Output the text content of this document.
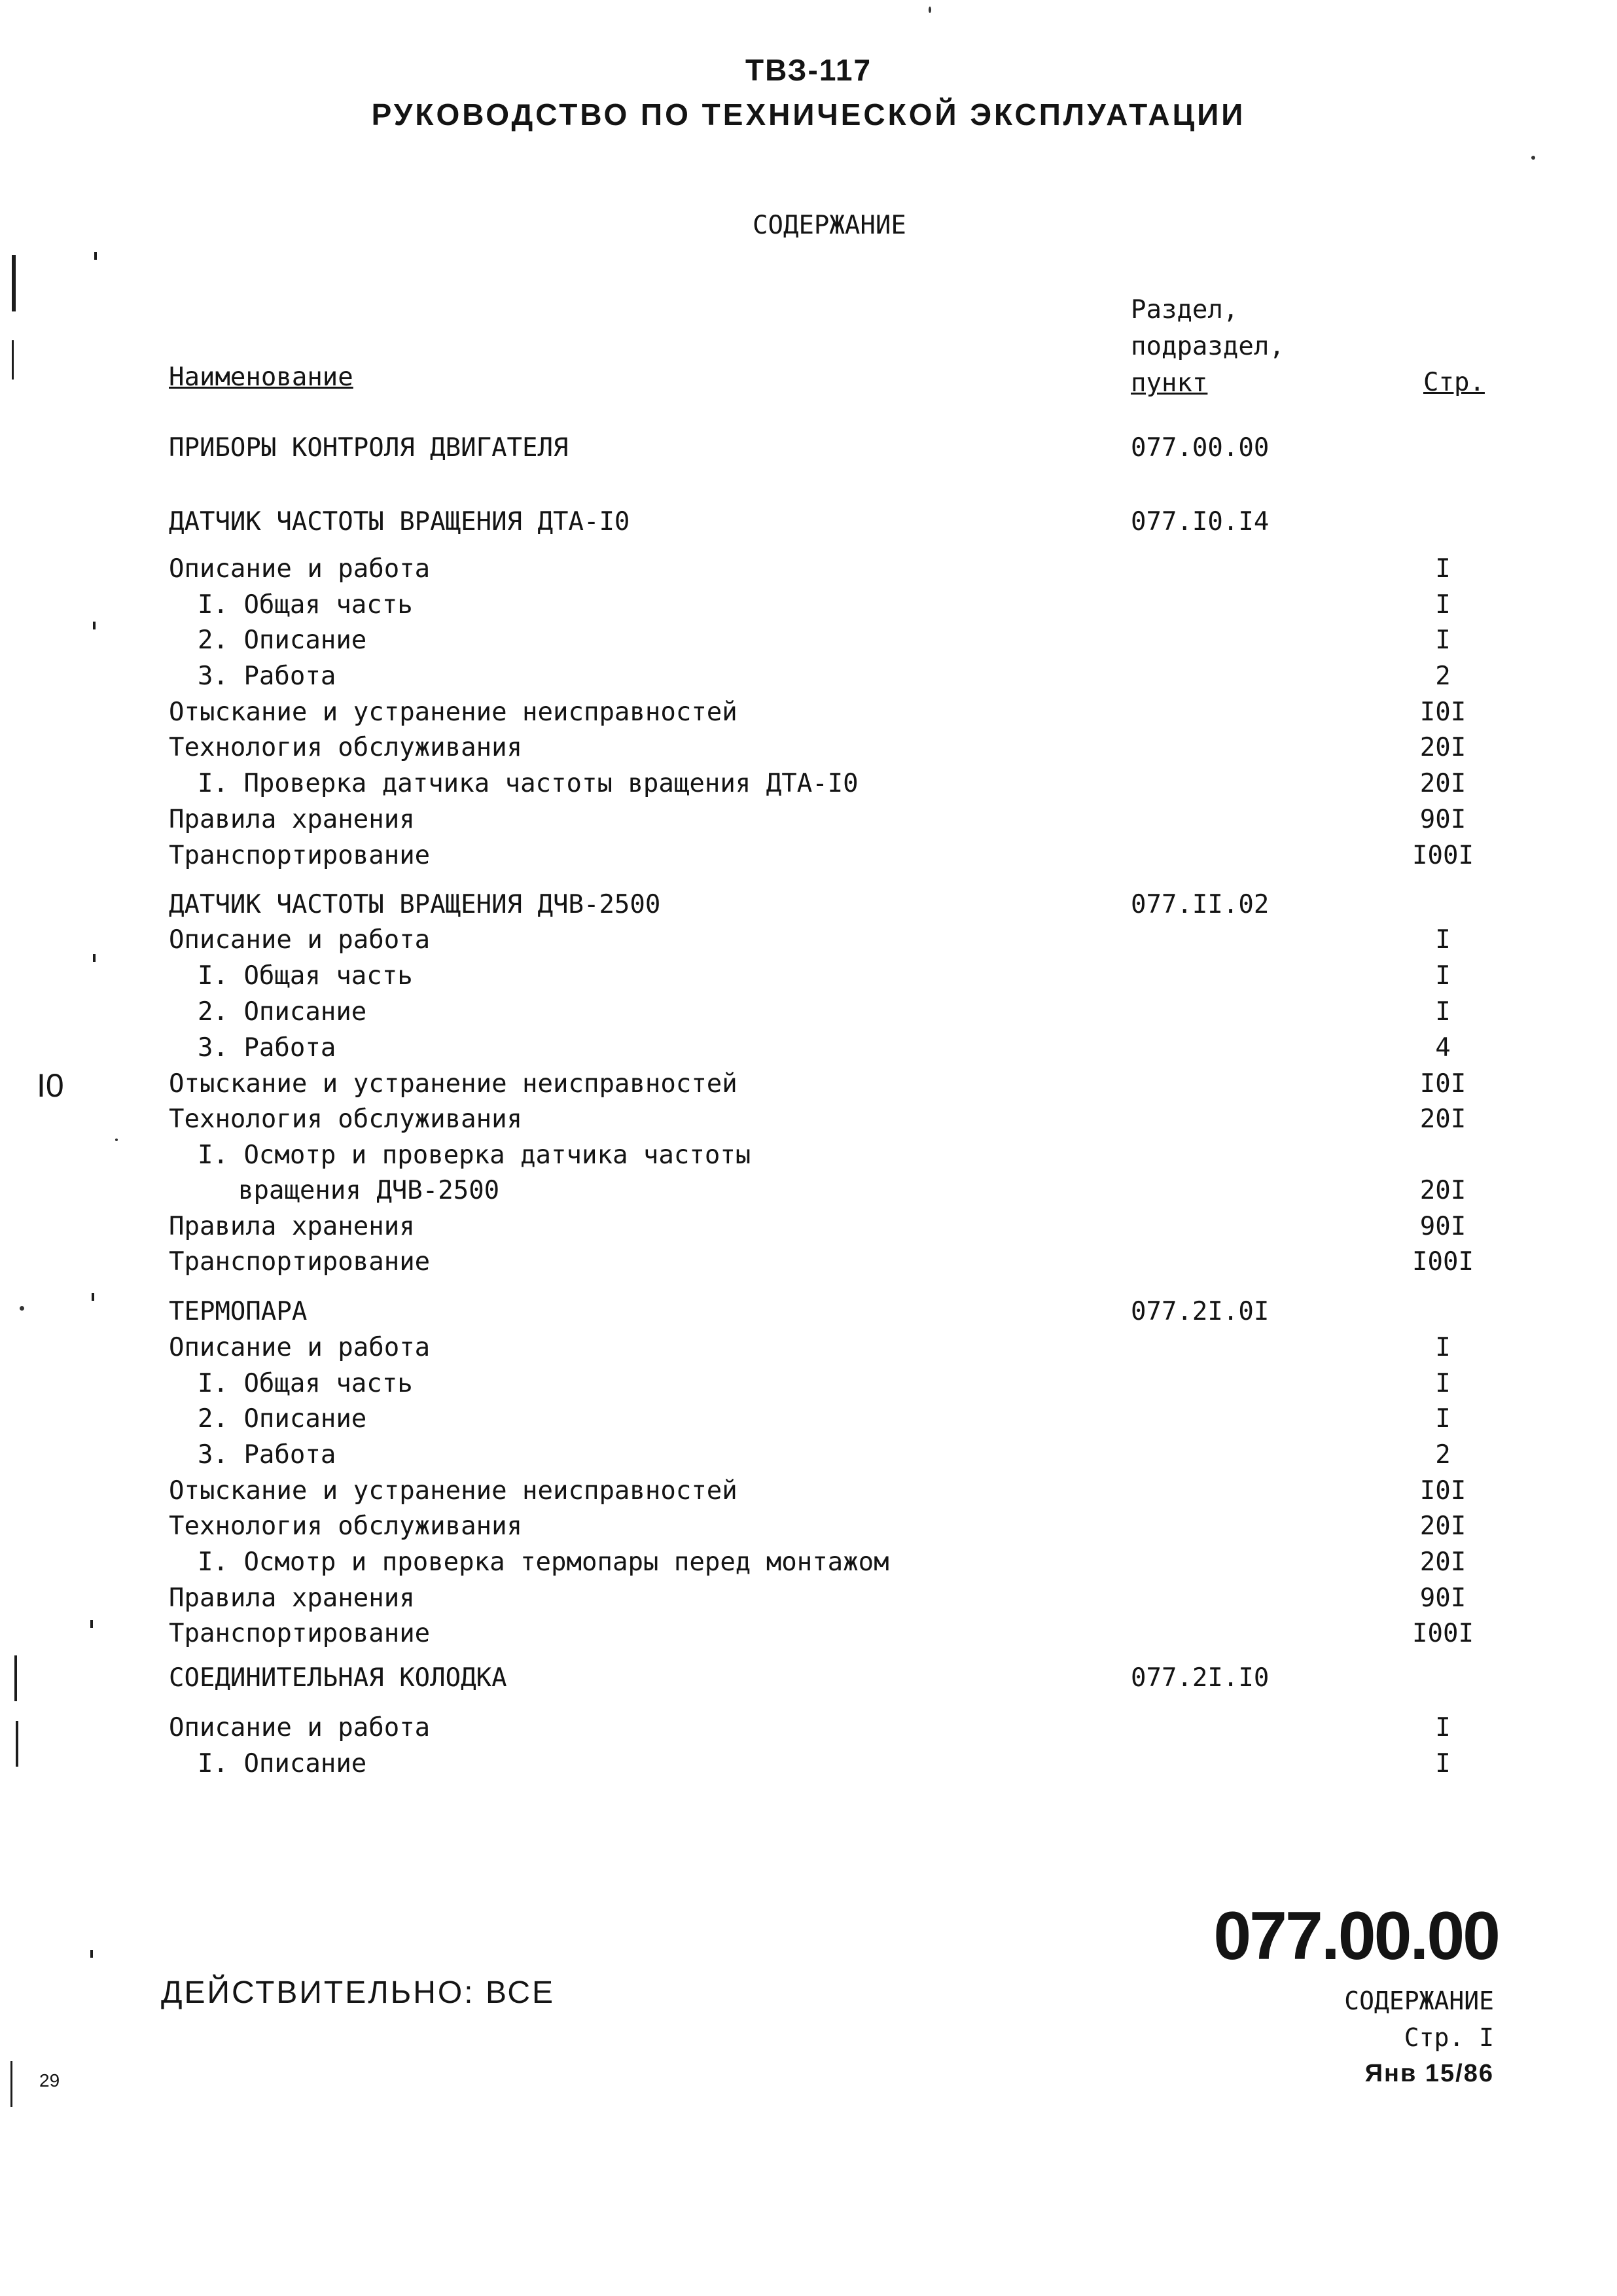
ТВЗ-117
РУКОВОДСТВО ПО ТЕХНИЧЕСКОЙ ЭКСПЛУАТАЦИИ
СОДЕРЖАНИЕ
Наименование
Раздел,
подраздел,
пункт	Стр.
ПРИБОРЫ КОНТРОЛЯ ДВИГАТЕЛЯ	077.00.00
ДАТЧИК ЧАСТОТЫ ВРАЩЕНИЯ ДТА-I0	077.I0.I4
Описание и работа	I
I. Общая часть	I
2. Описание	I
3. Работа	2
Отыскание и устранение неисправностей	I0I
Технология обслуживания	20I
I. Проверка датчика частоты вращения ДТА-I0	20I
Правила хранения	90I
Транспортирование	I00I
ДАТЧИК ЧАСТОТЫ ВРАЩЕНИЯ ДЧВ-2500	077.II.02
Описание и работа	I
I. Общая часть	I
2. Описание	I
3. Работа	4
Отыскание и устранение неисправностей	I0I
Технология обслуживания	20I
I. Осмотр и проверка датчика частоты
вращения ДЧВ-2500	20I
Правила хранения	90I
Транспортирование	I00I
ТЕРМОПАРА	077.2I.0I
Описание и работа	I
I. Общая часть	I
2. Описание	I
3. Работа	2
Отыскание и устранение неисправностей	I0I
Технология обслуживания	20I
I. Осмотр и проверка термопары перед монтажом	20I
Правила хранения	90I
Транспортирование	I00I
СОЕДИНИТЕЛЬНАЯ КОЛОДКА	077.2I.I0
Описание и работа	I
I. Описание	I
077.00.00
ДЕЙСТВИТЕЛЬНО: ВСЕ	СОДЕРЖАНИЕ
Стр. I
Янв 15/86
I0
29
